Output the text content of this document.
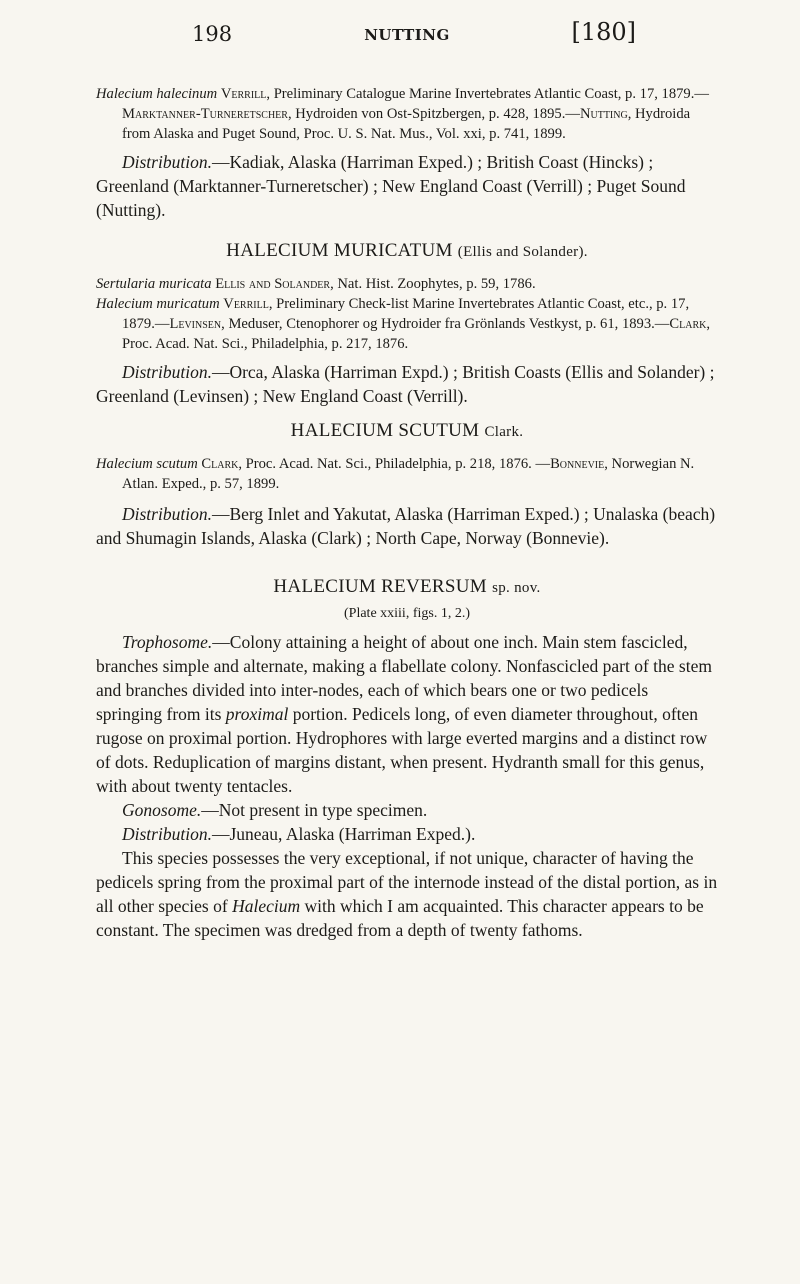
198	NUTTING	[180]

Halecium halecinum Verrill, Preliminary Catalogue Marine Invertebrates Atlantic Coast, p. 17, 1879.—Marktanner-Turneretscher, Hydroiden von Ost-Spitzbergen, p. 428, 1895.—Nutting, Hydroida from Alaska and Puget Sound, Proc. U. S. Nat. Mus., Vol. xxi, p. 741, 1899.

Distribution.—Kadiak, Alaska (Harriman Exped.) ; British Coast (Hincks) ; Greenland (Marktanner-Turneretscher) ; New England Coast (Verrill) ; Puget Sound (Nutting).

HALECIUM MURICATUM (Ellis and Solander).

Sertularia muricata Ellis and Solander, Nat. Hist. Zoophytes, p. 59, 1786.

Halecium muricatum Verrill, Preliminary Check-list Marine Invertebrates Atlantic Coast, etc., p. 17, 1879.—Levinsen, Meduser, Ctenophorer og Hydroider fra Grönlands Vestkyst, p. 61, 1893.—Clark, Proc. Acad. Nat. Sci., Philadelphia, p. 217, 1876.

Distribution.—Orca, Alaska (Harriman Expd.) ; British Coasts (Ellis and Solander) ; Greenland (Levinsen) ; New England Coast (Verrill).

HALECIUM SCUTUM Clark.

Halecium scutum Clark, Proc. Acad. Nat. Sci., Philadelphia, p. 218, 1876. —Bonnevie, Norwegian N. Atlan. Exped., p. 57, 1899.

Distribution.—Berg Inlet and Yakutat, Alaska (Harriman Exped.) ; Unalaska (beach) and Shumagin Islands, Alaska (Clark) ; North Cape, Norway (Bonnevie).

HALECIUM REVERSUM sp. nov.

(Plate xxiii, figs. 1, 2.)

Trophosome.—Colony attaining a height of about one inch. Main stem fascicled, branches simple and alternate, making a flabellate colony. Nonfascicled part of the stem and branches divided into inter-nodes, each of which bears one or two pedicels springing from its proximal portion. Pedicels long, of even diameter throughout, often rugose on proximal portion. Hydrophores with large everted margins and a distinct row of dots. Reduplication of margins distant, when present. Hydranth small for this genus, with about twenty tentacles.

Gonosome.—Not present in type specimen.

Distribution.—Juneau, Alaska (Harriman Exped.).

This species possesses the very exceptional, if not unique, character of having the pedicels spring from the proximal part of the internode instead of the distal portion, as in all other species of Halecium with which I am acquainted. This character appears to be constant. The specimen was dredged from a depth of twenty fathoms.
